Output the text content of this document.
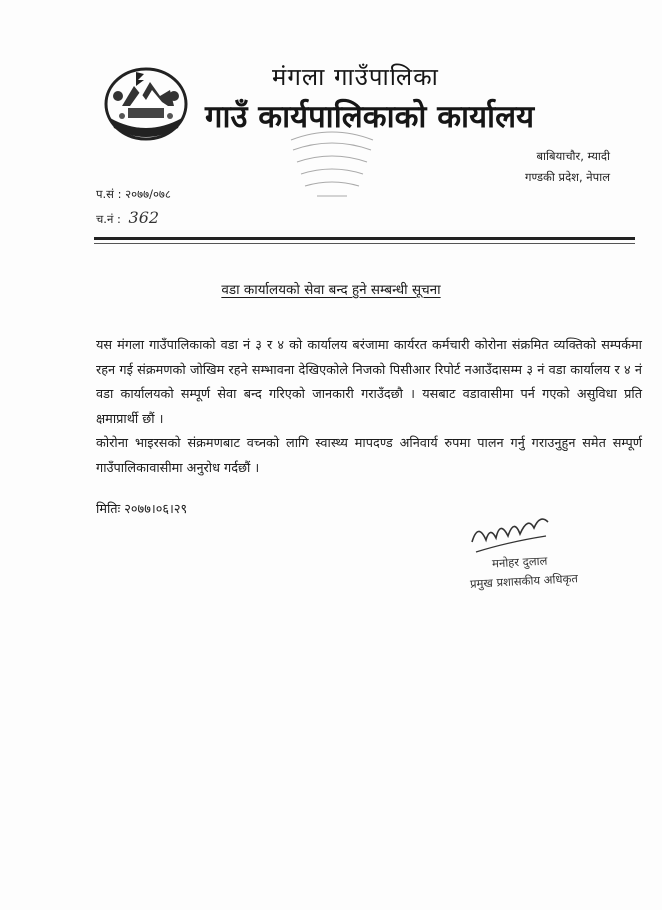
मंगला गाउँपालिका
गाउँ कार्यपालिकाको कार्यालय
बाबियाचौर, म्यादी
गण्डकी प्रदेश, नेपाल
प.सं : २०७७/०७८
च.नं : 362
वडा कार्यालयको सेवा बन्द हुने सम्बन्धी सूचना

यस मंगला गाउँपालिकाको वडा नं ३ र ४ को कार्यालय बरंजामा कार्यरत कर्मचारी कोरोना संक्रमित व्यक्तिको सम्पर्कमा रहन गई संक्रमणको जोखिम रहने सम्भावना देखिएकोले निजको पिसीआर रिपोर्ट नआउँदासम्म ३ नं वडा कार्यालय र ४ नं वडा कार्यालयको सम्पूर्ण सेवा बन्द गरिएको जानकारी गराउँदछौ । यसबाट वडावासीमा पर्न गएको असुविधा प्रति क्षमाप्रार्थी छौं ।

कोरोना भाइरसको संक्रमणबाट वच्नको लागि स्वास्थ्य मापदण्ड अनिवार्य रुपमा पालन गर्नु गराउनुहुन समेत सम्पूर्ण गाउँपालिकावासीमा अनुरोध गर्दछौं ।

मितिः २०७७।०६।२९
मनोहर दुलाल
प्रमुख प्रशासकीय अधिकृत
